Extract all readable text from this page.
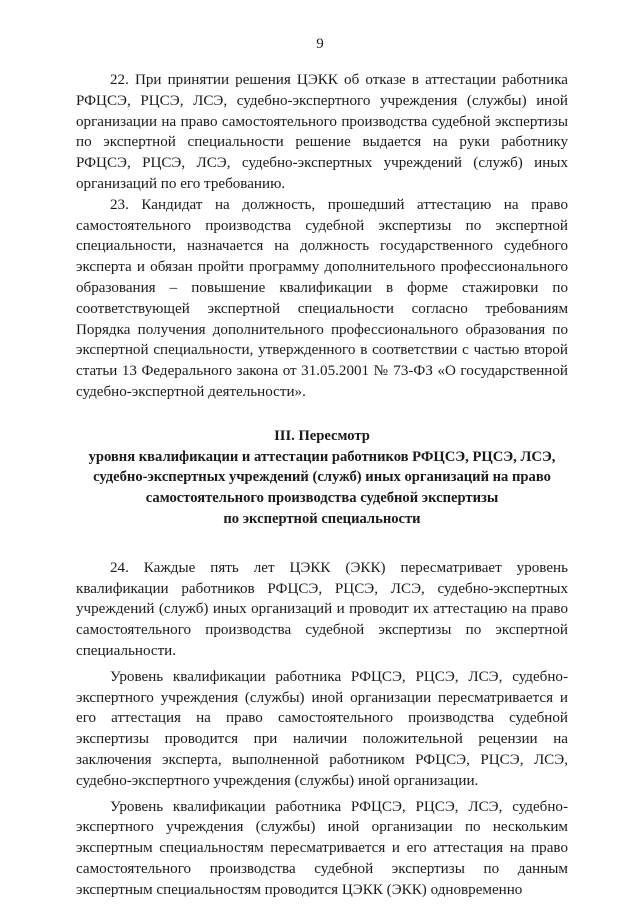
9

22. При принятии решения ЦЭКК об отказе в аттестации работника РФЦСЭ, РЦСЭ, ЛСЭ, судебно-экспертного учреждения (службы) иной организации на право самостоятельного производства судебной экспертизы по экспертной специальности решение выдается на руки работнику РФЦСЭ, РЦСЭ, ЛСЭ, судебно-экспертных учреждений (служб) иных организаций по его требованию.

23. Кандидат на должность, прошедший аттестацию на право самостоятельного производства судебной экспертизы по экспертной специальности, назначается на должность государственного судебного эксперта и обязан пройти программу дополнительного профессионального образования – повышение квалификации в форме стажировки по соответствующей экспертной специальности согласно требованиям Порядка получения дополнительного профессионального образования по экспертной специальности, утвержденного в соответствии с частью второй статьи 13 Федерального закона от 31.05.2001 № 73-ФЗ «О государственной судебно-экспертной деятельности».

III. Пересмотр
уровня квалификации и аттестации работников РФЦСЭ, РЦСЭ, ЛСЭ,
судебно-экспертных учреждений (служб) иных организаций на право
самостоятельного производства судебной экспертизы
по экспертной специальности

24. Каждые пять лет ЦЭКК (ЭКК) пересматривает уровень квалификации работников РФЦСЭ, РЦСЭ, ЛСЭ, судебно-экспертных учреждений (служб) иных организаций и проводит их аттестацию на право самостоятельного производства судебной экспертизы по экспертной специальности.

Уровень квалификации работника РФЦСЭ, РЦСЭ, ЛСЭ, судебно-экспертного учреждения (службы) иной организации пересматривается и его аттестация на право самостоятельного производства судебной экспертизы проводится при наличии положительной рецензии на заключения эксперта, выполненной работником РФЦСЭ, РЦСЭ, ЛСЭ, судебно-экспертного учреждения (службы) иной организации.

Уровень квалификации работника РФЦСЭ, РЦСЭ, ЛСЭ, судебно-экспертного учреждения (службы) иной организации по нескольким экспертным специальностям пересматривается и его аттестация на право самостоятельного производства судебной экспертизы по данным экспертным специальностям проводится ЦЭКК (ЭКК) одновременно
